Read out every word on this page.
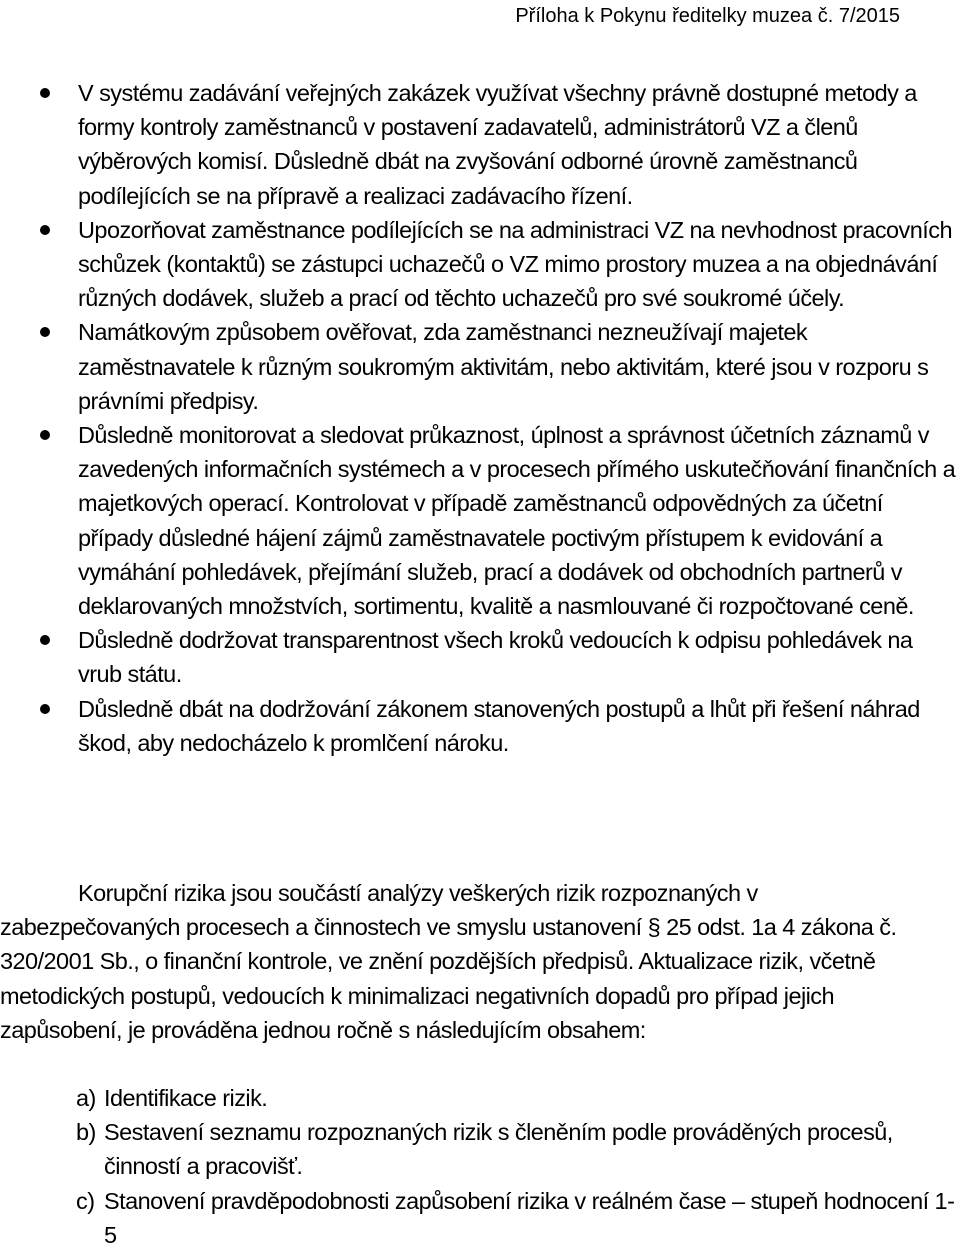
Příloha k Pokynu ředitelky muzea č. 7/2015
V systému zadávání veřejných zakázek využívat všechny právně dostupné metody a formy kontroly zaměstnanců v postavení zadavatelů, administrátorů VZ a členů výběrových komisí. Důsledně dbát na zvyšování odborné úrovně zaměstnanců podílejících se na přípravě a realizaci zadávacího řízení.
Upozorňovat zaměstnance podílejících se na administraci VZ na nevhodnost pracovních schůzek (kontaktů) se zástupci uchazečů o VZ mimo prostory muzea a na objednávání různých dodávek, služeb a prací od těchto uchazečů pro své soukromé účely.
Namátkovým způsobem ověřovat, zda zaměstnanci nezneužívají majetek zaměstnavatele k různým soukromým aktivitám, nebo aktivitám, které jsou v rozporu s právními předpisy.
Důsledně monitorovat a sledovat průkaznost, úplnost a správnost účetních záznamů v zavedených informačních systémech a v procesech přímého uskutečňování finančních a majetkových operací. Kontrolovat v případě zaměstnanců odpovědných za účetní případy důsledné hájení zájmů zaměstnavatele poctivým přístupem k evidování a vymáhání pohledávek, přejímání služeb, prací a dodávek od obchodních partnerů v deklarovaných množstvích, sortimentu, kvalitě a nasmlouvané či rozpočtované ceně.
Důsledně dodržovat transparentnost všech kroků vedoucích k odpisu pohledávek na vrub státu.
Důsledně dbát na dodržování zákonem stanovených postupů a lhůt při řešení náhrad škod, aby nedocházelo k promlčení nároku.

Korupční rizika jsou součástí analýzy veškerých rizik rozpoznaných v zabezpečovaných procesech a činnostech ve smyslu ustanovení § 25 odst. 1a 4 zákona č. 320/2001 Sb., o finanční kontrole, ve znění pozdějších předpisů. Aktualizace rizik, včetně metodických postupů, vedoucích k minimalizaci negativních dopadů pro případ jejich zapůsobení, je prováděna jednou ročně s následujícím obsahem:

a) Identifikace rizik.
b) Sestavení seznamu rozpoznaných rizik s členěním podle prováděných procesů, činností a pracovišť.
c) Stanovení pravděpodobnosti zapůsobení rizika v reálném čase – stupeň hodnocení 1-5
